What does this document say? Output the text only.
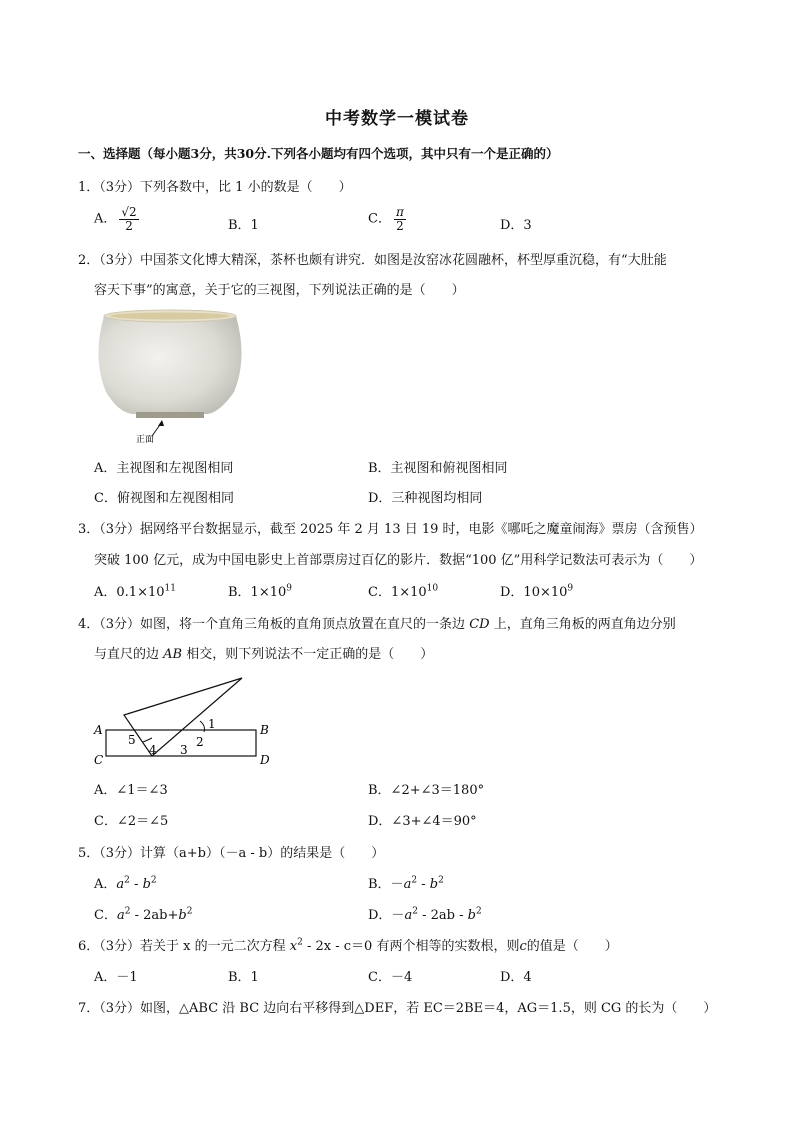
中考数学一模试卷
一、选择题（每小题3分，共30分.下列各小题均有四个选项，其中只有一个是正确的）
1．（3分）下列各数中，比 1 小的数是（　　）
A． $\frac{√2}{2}$	B．1	C． $\frac{\pi}{2}$	D．3
2．（3分）中国茶文化博大精深，茶杯也颇有讲究．如图是汝窑冰花圆融杯，杯型厚重沉稳，有“大肚能
容天下事”的寓意，关于它的三视图，下列说法正确的是（　　）
正面
A．主视图和左视图相同	B．主视图和俯视图相同
C．俯视图和左视图相同	D．三种视图均相同
3．（3分）据网络平台数据显示，截至 2025 年 2 月 13 日 19 时，电影《哪吒之魔童闹海》票房（含预售）
突破 100 亿元，成为中国电影史上首部票房过百亿的影片．数据“100 亿”用科学记数法可表示为（　　）
A．$0.1\times 10^{11}$	B．$1\times 10^9$	C．$1\times 10^{10}$	D．$10\times 10^9$
4．（3分）如图，将一个直角三角板的直角顶点放置在直尺的一条边 CD 上，直角三角板的两直角边分别
与直尺的边 AB 相交，则下列说法不一定正确的是（　　）
A	B
C	D
1
2
3
4
5
A．∠1＝∠3	B．∠2+∠3＝180°
C．∠2＝∠5	D．∠3+∠4＝90°
5．（3分）计算（a+b）（－a - b）的结果是（　　）
A．$a^2 - b^2$	B．$-a^2 - b^2$
C．$a^2 - 2ab+b^2$	D．$-a^2 - 2ab - b^2$
6．（3分）若关于 x 的一元二次方程 $x^2 - 2x - c=0$ 有两个相等的实数根，则c的值是（　　）
A．－1	B．1	C．－4	D．4
7．（3分）如图，△ABC 沿 BC 边向右平移得到△DEF，若 EC＝2BE＝4，AG＝1.5，则 CG 的长为（　　）
